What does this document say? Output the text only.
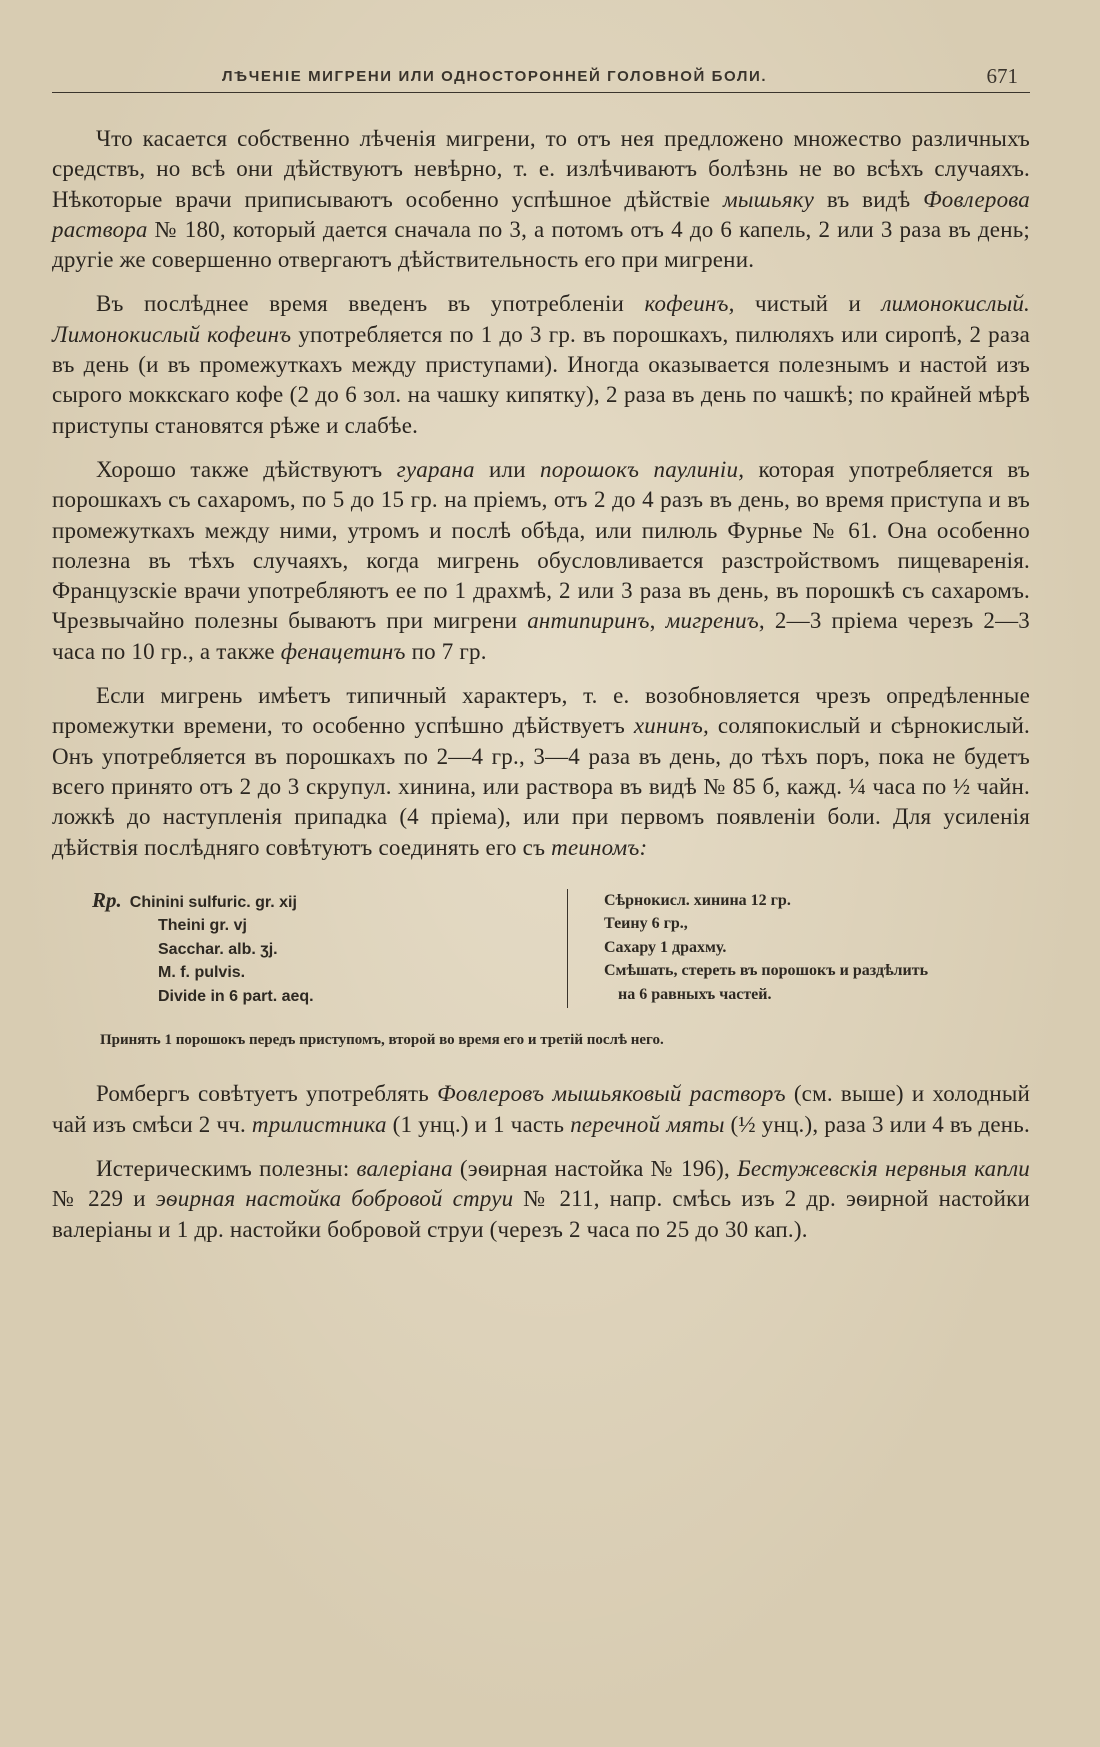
ЛѢЧЕНІЕ МИГРЕНИ ИЛИ ОДНОСТОРОННЕЙ ГОЛОВНОЙ БОЛИ.	671

Что касается собственно лѣченія мигрени, то отъ нея предложено множество различныхъ средствъ, но всѣ они дѣйствуютъ невѣрно, т. е. излѣчиваютъ болѣзнь не во всѣхъ случаяхъ. Нѣкоторые врачи приписываютъ особенно успѣшное дѣйствіе мышьяку въ видѣ Фовлерова раствора № 180, который дается сначала по 3, а потомъ отъ 4 до 6 капель, 2 или 3 раза въ день; другіе же совершенно отвергаютъ дѣйствительность его при мигрени.

Въ послѣднее время введенъ въ употребленіи кофеинъ, чистый и лимонокислый. Лимонокислый кофеинъ употребляется по 1 до 3 гр. въ порошкахъ, пилюляхъ или сиропѣ, 2 раза въ день (и въ промежуткахъ между приступами). Иногда оказывается полезнымъ и настой изъ сырого моккскаго кофе (2 до 6 зол. на чашку кипятку), 2 раза въ день по чашкѣ; по крайней мѣрѣ приступы становятся рѣже и слабѣе.

Хорошо также дѣйствуютъ гуарана или порошокъ паулиніи, которая употребляется въ порошкахъ съ сахаромъ, по 5 до 15 гр. на пріемъ, отъ 2 до 4 разъ въ день, во время приступа и въ промежуткахъ между ними, утромъ и послѣ обѣда, или пилюль Фурнье № 61. Она особенно полезна въ тѣхъ случаяхъ, когда мигрень обусловливается разстройствомъ пищеваренія. Французскіе врачи употребляютъ ее по 1 драхмѣ, 2 или 3 раза въ день, въ порошкѣ съ сахаромъ. Чрезвычайно полезны бываютъ при мигрени антипиринъ, мигрениъ, 2—3 пріема черезъ 2—3 часа по 10 гр., а также фенацетинъ по 7 гр.

Если мигрень имѣетъ типичный характеръ, т. е. возобновляется чрезъ опредѣленные промежутки времени, то особенно успѣшно дѣйствуетъ хининъ, соляпокислый и сѣрнокислый. Онъ употребляется въ порошкахъ по 2—4 гр., 3—4 раза въ день, до тѣхъ поръ, пока не будетъ всего принято отъ 2 до 3 скрупул. хинина, или раствора въ видѣ № 85 б, кажд. ¼ часа по ½ чайн. ложкѣ до наступленія припадка (4 пріема), или при первомъ появленіи боли. Для усиленія дѣйствія послѣдняго совѣтуютъ соединять его съ теиномъ:

Rp. Chinini sulfuric. gr. xij
Theini gr. vj
Sacchar. alb. ʒj.
M. f. pulvis.
Divide in 6 part. aeq.
Сѣрнокисл. хинина 12 гр.
Теину 6 гр.,
Сахару 1 драхму.
Смѣшать, стереть въ порошокъ и раздѣлить
на 6 равныхъ частей.
Принять 1 порошокъ передъ приступомъ, второй во время его и третій послѣ него.

Ромбергъ совѣтуетъ употреблять Фовлеровъ мышьяковый растворъ (см. выше) и холодный чай изъ смѣси 2 чч. трилистника (1 унц.) и 1 часть перечной мяты (½ унц.), раза 3 или 4 въ день.

Истерическимъ полезны: валеріана (эѳирная настойка № 196), Бестужевскія нервныя капли № 229 и эѳирная настойка бобровой струи № 211, напр. смѣсь изъ 2 др. эѳирной настойки валеріаны и 1 др. настойки бобровой струи (черезъ 2 часа по 25 до 30 кап.).
